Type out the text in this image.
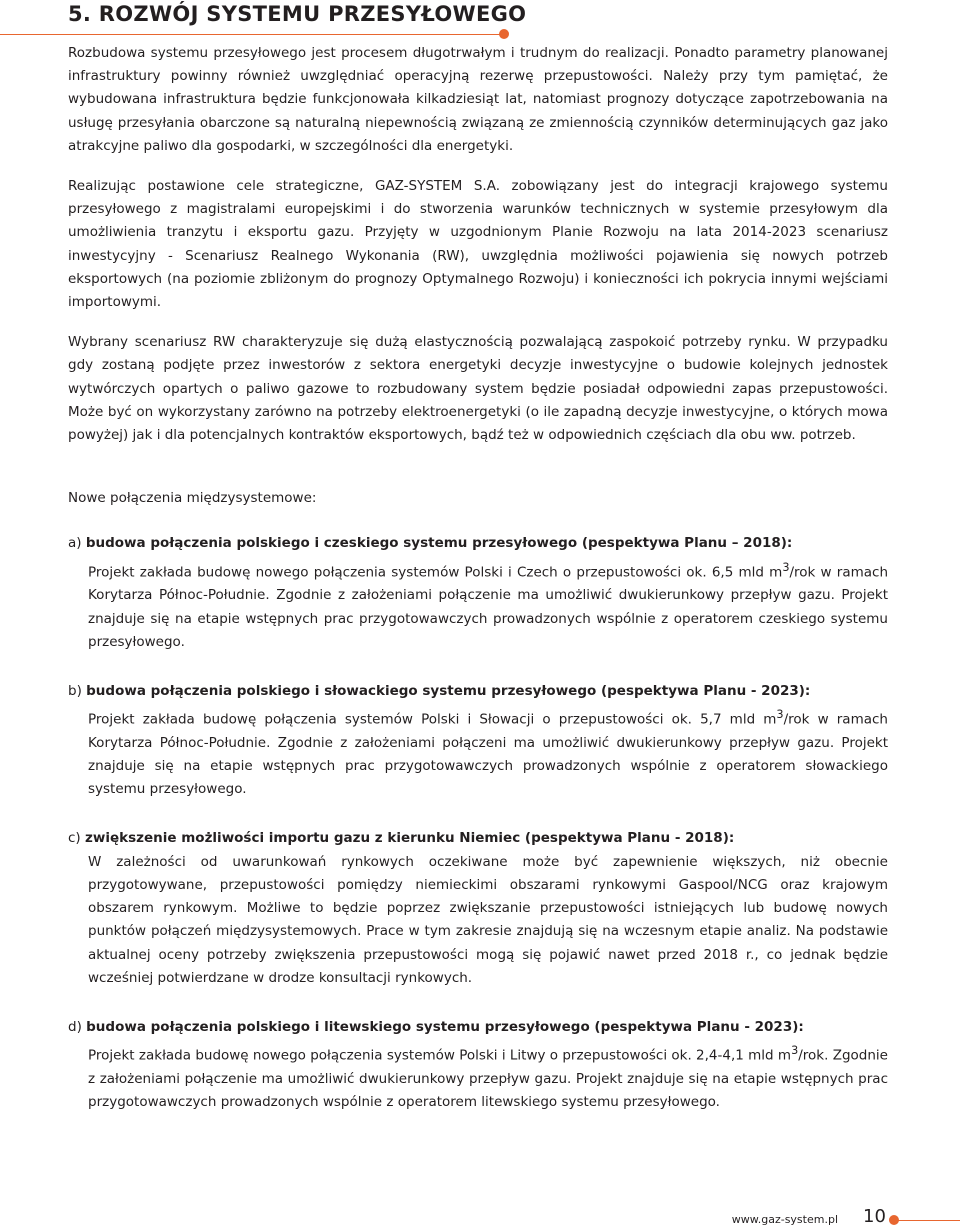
5. ROZWÓJ SYSTEMU PRZESYŁOWEGO

Rozbudowa systemu przesyłowego jest procesem długotrwałym i trudnym do realizacji. Ponadto parametry planowanej infrastruktury powinny również uwzględniać operacyjną rezerwę przepustowości. Należy przy tym pamiętać, że wybudowana infrastruktura będzie funkcjonowała kilkadziesiąt lat, natomiast prognozy dotyczące zapotrzebowania na usługę przesyłania obarczone są naturalną niepewnością związaną ze zmiennością czynników determinujących gaz jako atrakcyjne paliwo dla gospodarki, w szczególności dla energetyki.

Realizując postawione cele strategiczne, GAZ-SYSTEM S.A. zobowiązany jest do integracji krajowego systemu przesyłowego z magistralami europejskimi i do stworzenia warunków technicznych w systemie przesyłowym dla umożliwienia tranzytu i eksportu gazu. Przyjęty w uzgodnionym Planie Rozwoju na lata 2014-2023 scenariusz inwestycyjny - Scenariusz Realnego Wykonania (RW), uwzględnia możliwości pojawienia się nowych potrzeb eksportowych (na poziomie zbliżonym do prognozy Optymalnego Rozwoju) i konieczności ich pokrycia innymi wejściami importowymi.

Wybrany scenariusz RW charakteryzuje się dużą elastycznością pozwalającą zaspokoić potrzeby rynku. W przypadku gdy zostaną podjęte przez inwestorów z sektora energetyki decyzje inwestycyjne o budowie kolejnych jednostek wytwórczych opartych o paliwo gazowe to rozbudowany system będzie posiadał odpowiedni zapas przepustowości. Może być on wykorzystany zarówno na potrzeby elektroenergetyki (o ile zapadną decyzje inwestycyjne, o których mowa powyżej) jak i dla potencjalnych kontraktów eksportowych, bądź też w odpowiednich częściach dla obu ww. potrzeb.

Nowe połączenia międzysystemowe:

a) budowa połączenia polskiego i czeskiego systemu przesyłowego (pespektywa Planu – 2018):

Projekt zakłada budowę nowego połączenia systemów Polski i Czech o przepustowości ok. 6,5 mld $m^3$/rok w ramach Korytarza Północ-Południe. Zgodnie z założeniami połączenie ma umożliwić dwukierunkowy przepływ gazu. Projekt znajduje się na etapie wstępnych prac przygotowawczych prowadzonych wspólnie z operatorem czeskiego systemu przesyłowego.

b) budowa połączenia polskiego i słowackiego systemu przesyłowego (pespektywa Planu - 2023):

Projekt zakłada budowę połączenia systemów Polski i Słowacji o przepustowości ok. 5,7 mld $m^3$/rok w ramach Korytarza Północ-Południe. Zgodnie z założeniami połączeni ma umożliwić dwukierunkowy przepływ gazu. Projekt znajduje się na etapie wstępnych prac przygotowawczych prowadzonych wspólnie z operatorem słowackiego systemu przesyłowego.

c) zwiększenie możliwości importu gazu z kierunku Niemiec (pespektywa Planu - 2018):

W zależności od uwarunkowań rynkowych oczekiwane może być zapewnienie większych, niż obecnie przygotowywane, przepustowości pomiędzy niemieckimi obszarami rynkowymi Gaspool/NCG oraz krajowym obszarem rynkowym. Możliwe to będzie poprzez zwiększanie przepustowości istniejących lub budowę nowych punktów połączeń międzysystemowych. Prace w tym zakresie znajdują się na wczesnym etapie analiz. Na podstawie aktualnej oceny potrzeby zwiększenia przepustowości mogą się pojawić nawet przed 2018 r., co jednak będzie wcześniej potwierdzane w drodze konsultacji rynkowych.

d) budowa połączenia polskiego i litewskiego systemu przesyłowego (pespektywa Planu - 2023):

Projekt zakłada budowę nowego połączenia systemów Polski i Litwy o przepustowości ok. 2,4-4,1 mld $m^3$/rok. Zgodnie z założeniami połączenie ma umożliwić dwukierunkowy przepływ gazu. Projekt znajduje się na etapie wstępnych prac przygotowawczych prowadzonych wspólnie z operatorem litewskiego systemu przesyłowego.

www.gaz-system.pl 10
